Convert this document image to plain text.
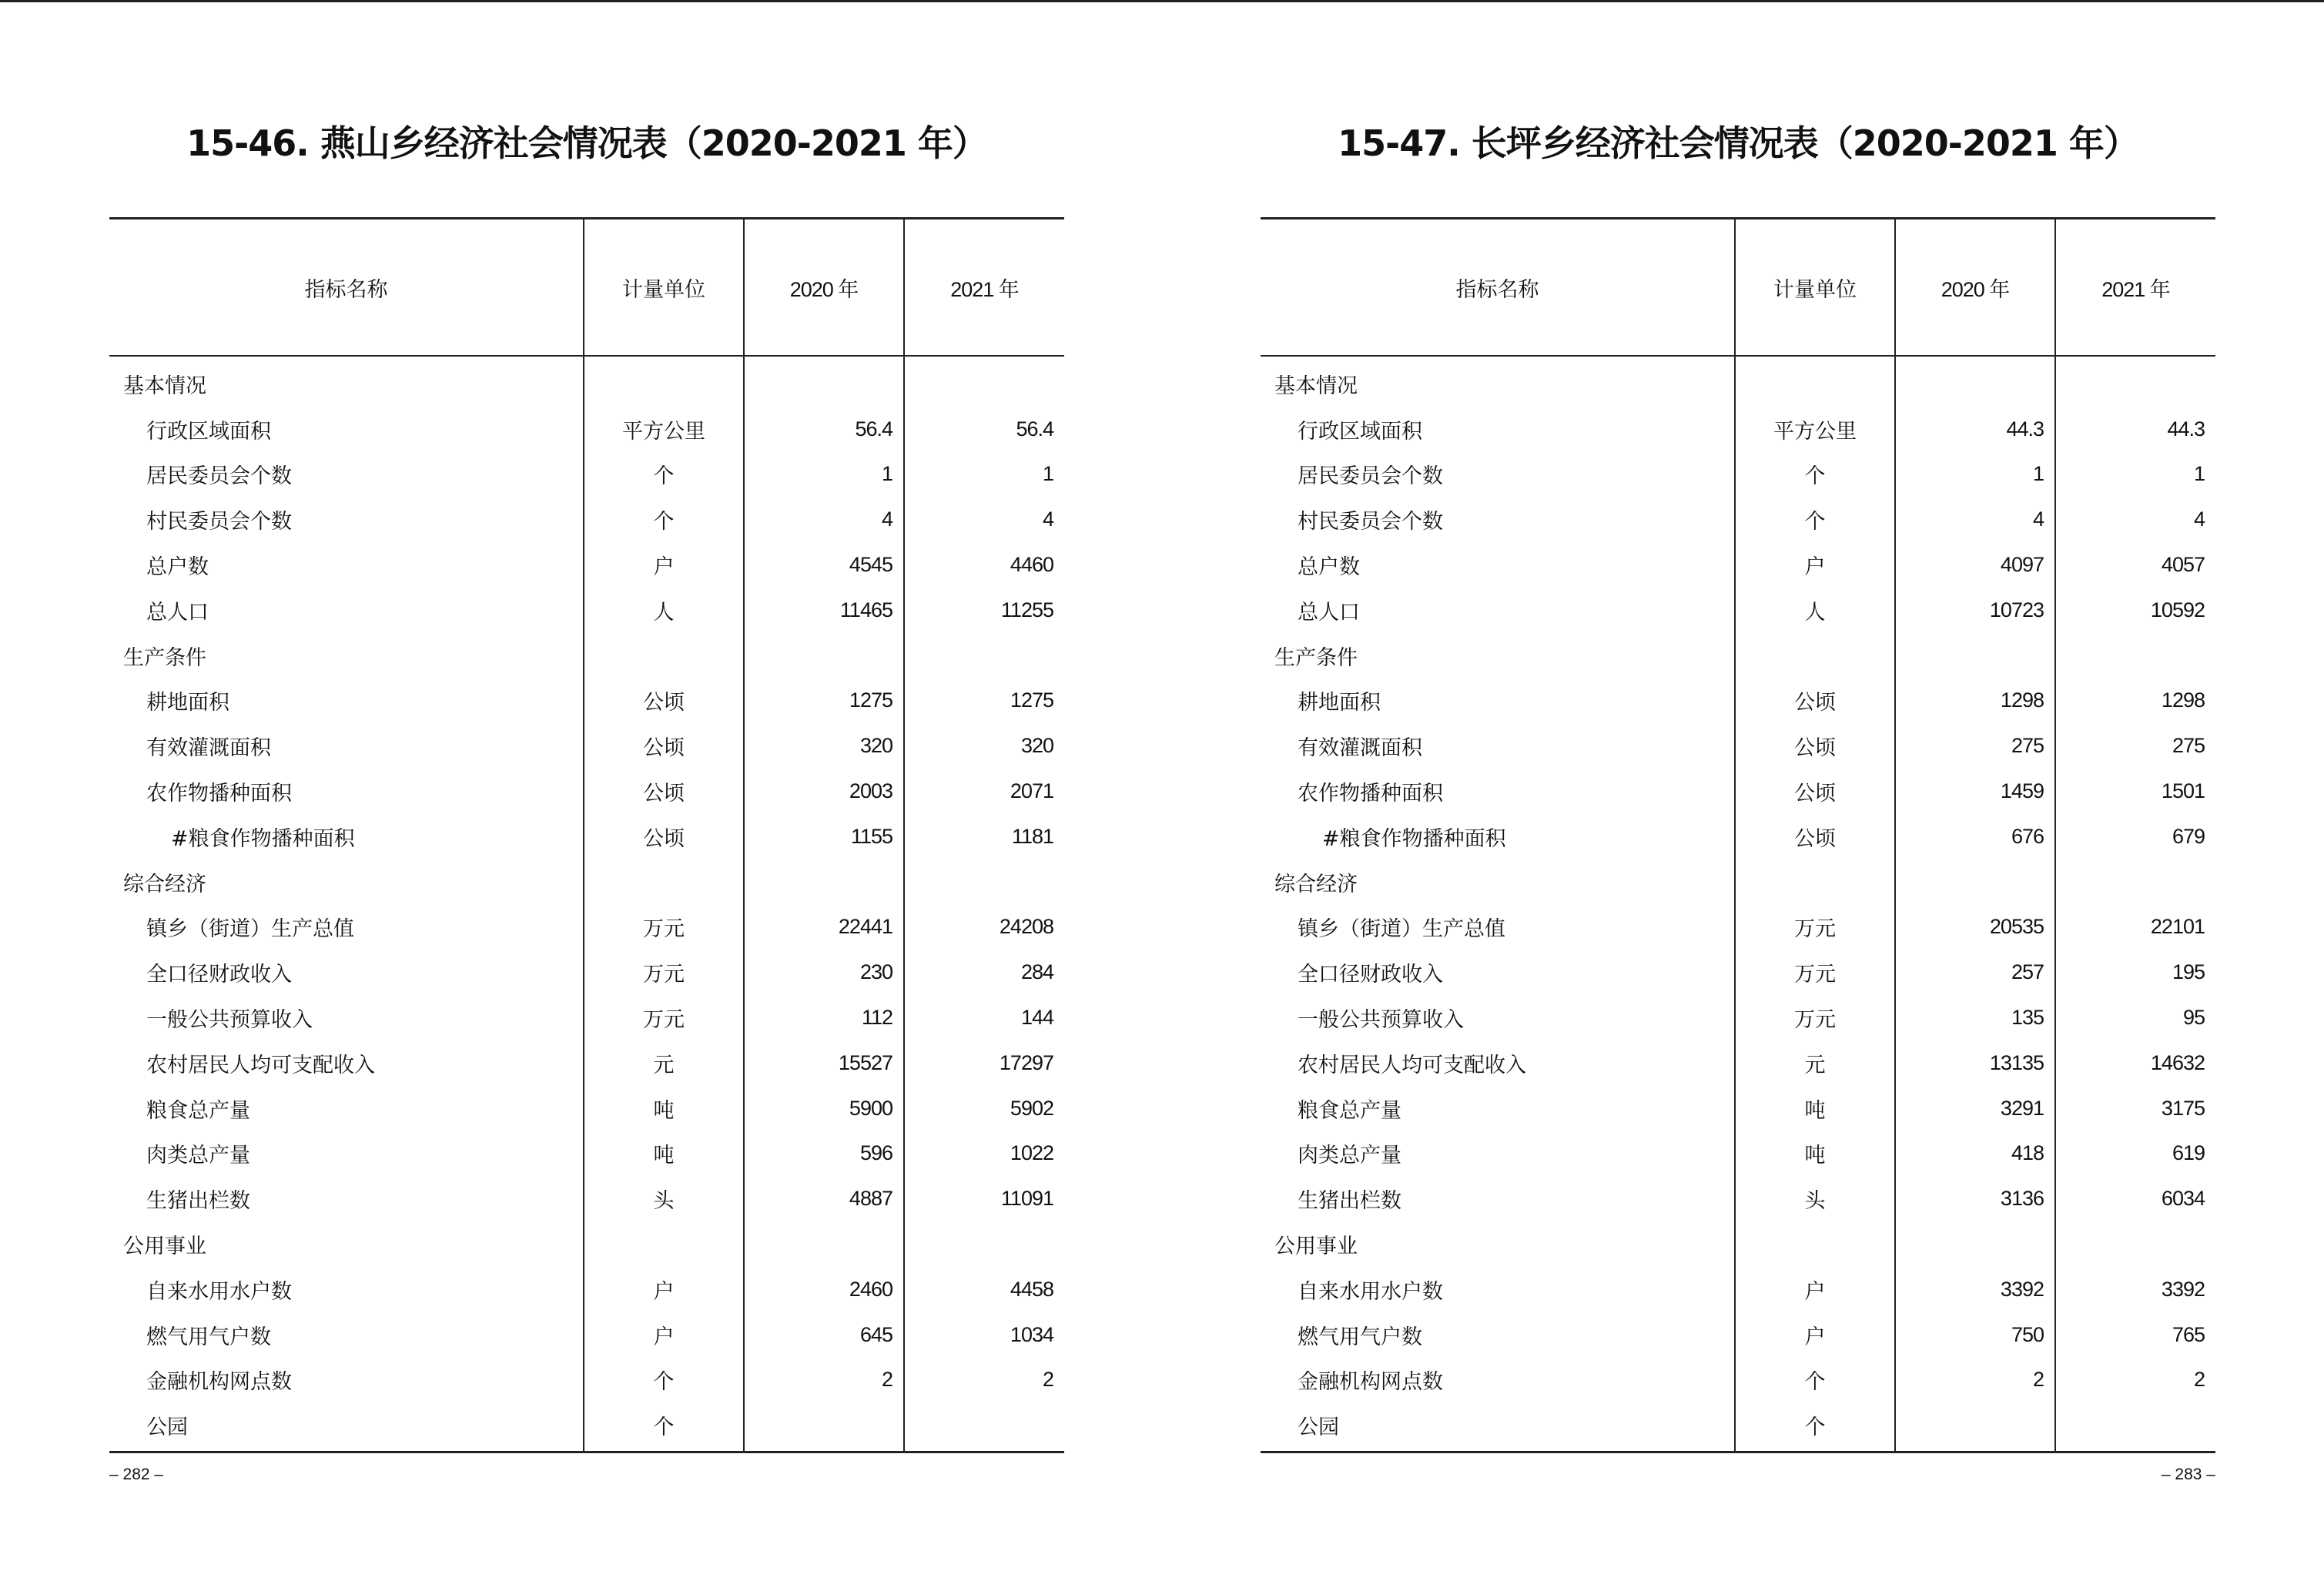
15-46. 燕山乡经济社会情况表（2020-2021 年）
指标名称	计量单位	2020 年	2021 年
基本情况			
行政区域面积	平方公里	56.4	56.4
居民委员会个数	个	1	1
村民委员会个数	个	4	4
总户数	户	4545	4460
总人口	人	11465	11255
生产条件			
耕地面积	公顷	1275	1275
有效灌溉面积	公顷	320	320
农作物播种面积	公顷	2003	2071
#粮食作物播种面积	公顷	1155	1181
综合经济			
镇乡（街道）生产总值	万元	22441	24208
全口径财政收入	万元	230	284
一般公共预算收入	万元	112	144
农村居民人均可支配收入	元	15527	17297
粮食总产量	吨	5900	5902
肉类总产量	吨	596	1022
生猪出栏数	头	4887	11091
公用事业			
自来水用水户数	户	2460	4458
燃气用气户数	户	645	1034
金融机构网点数	个	2	2
公园	个		
– 282 –
15-47. 长坪乡经济社会情况表（2020-2021 年）
指标名称	计量单位	2020 年	2021 年
基本情况			
行政区域面积	平方公里	44.3	44.3
居民委员会个数	个	1	1
村民委员会个数	个	4	4
总户数	户	4097	4057
总人口	人	10723	10592
生产条件			
耕地面积	公顷	1298	1298
有效灌溉面积	公顷	275	275
农作物播种面积	公顷	1459	1501
#粮食作物播种面积	公顷	676	679
综合经济			
镇乡（街道）生产总值	万元	20535	22101
全口径财政收入	万元	257	195
一般公共预算收入	万元	135	95
农村居民人均可支配收入	元	13135	14632
粮食总产量	吨	3291	3175
肉类总产量	吨	418	619
生猪出栏数	头	3136	6034
公用事业			
自来水用水户数	户	3392	3392
燃气用气户数	户	750	765
金融机构网点数	个	2	2
公园	个		
– 283 –
